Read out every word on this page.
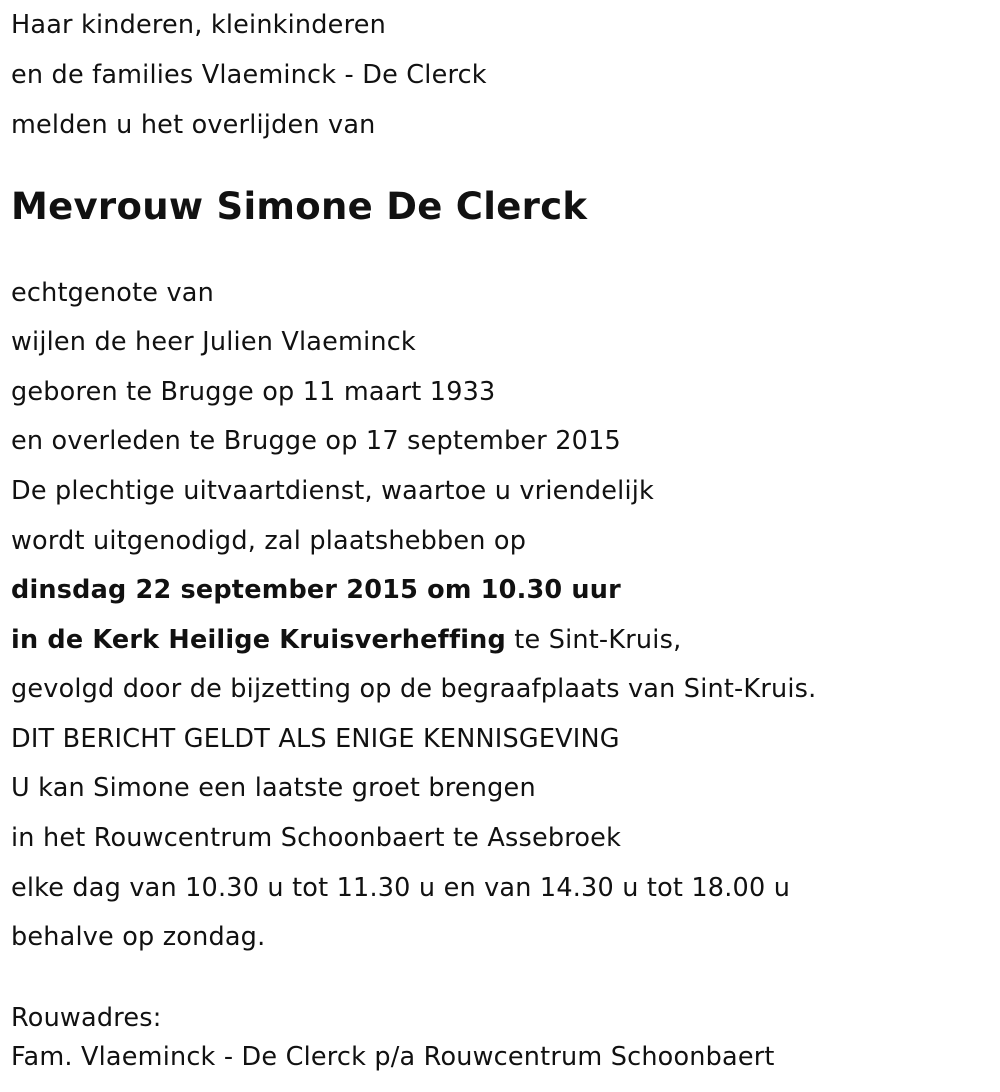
Haar kinderen, kleinkinderen
en de families Vlaeminck - De Clerck
melden u het overlijden van
Mevrouw Simone De Clerck
echtgenote van
wijlen de heer Julien Vlaeminck
geboren te Brugge op 11 maart 1933
en overleden te Brugge op 17 september 2015
De plechtige uitvaartdienst, waartoe u vriendelijk
wordt uitgenodigd, zal plaatshebben op
dinsdag 22 september 2015 om 10.30 uur
in de Kerk Heilige Kruisverheffing te Sint-Kruis,
gevolgd door de bijzetting op de begraafplaats van Sint-Kruis.
DIT BERICHT GELDT ALS ENIGE KENNISGEVING
U kan Simone een laatste groet brengen
in het Rouwcentrum Schoonbaert te Assebroek
elke dag van 10.30 u tot 11.30 u en van 14.30 u tot 18.00 u
behalve op zondag.
Rouwadres:
Fam. Vlaeminck - De Clerck p/a Rouwcentrum Schoonbaert
